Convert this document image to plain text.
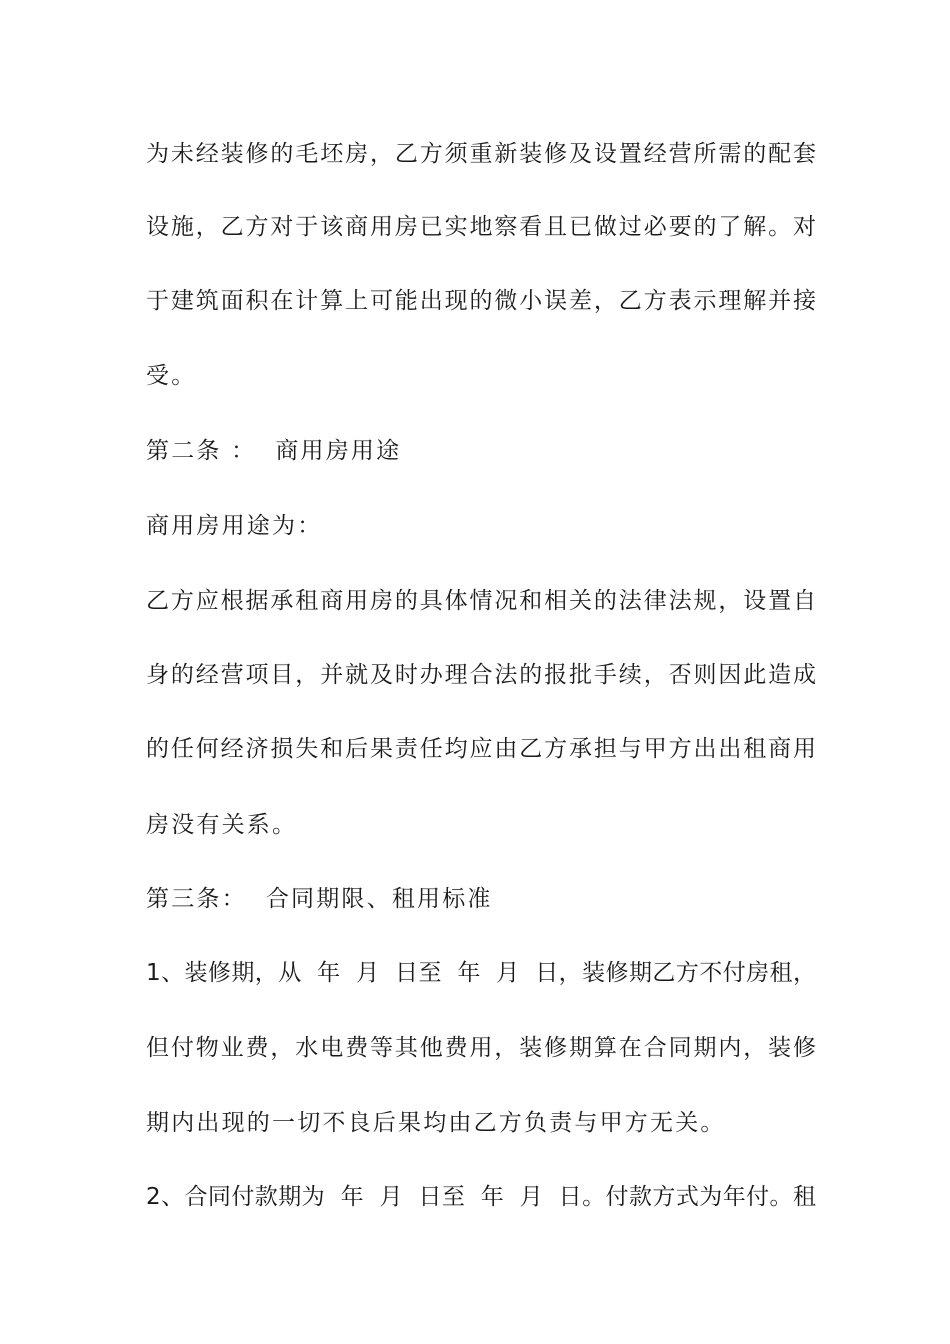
为未经装修的毛坯房，乙方须重新装修及设置经营所需的配套

设施，乙方对于该商用房已实地察看且已做过必要的了解。对

于建筑面积在计算上可能出现的微小误差，乙方表示理解并接

受。

第二条 ：  商用房用途

商用房用途为：

乙方应根据承租商用房的具体情况和相关的法律法规，设置自

身的经营项目，并就及时办理合法的报批手续，否则因此造成

的任何经济损失和后果责任均应由乙方承担与甲方出出租商用

房没有关系。

第三条：  合同期限、租用标准

1、装修期，从  年  月  日至  年  月  日，装修期乙方不付房租，

但付物业费，水电费等其他费用，装修期算在合同期内，装修

期内出现的一切不良后果均由乙方负责与甲方无关。

2、合同付款期为  年  月  日至  年  月  日。付款方式为年付。租
